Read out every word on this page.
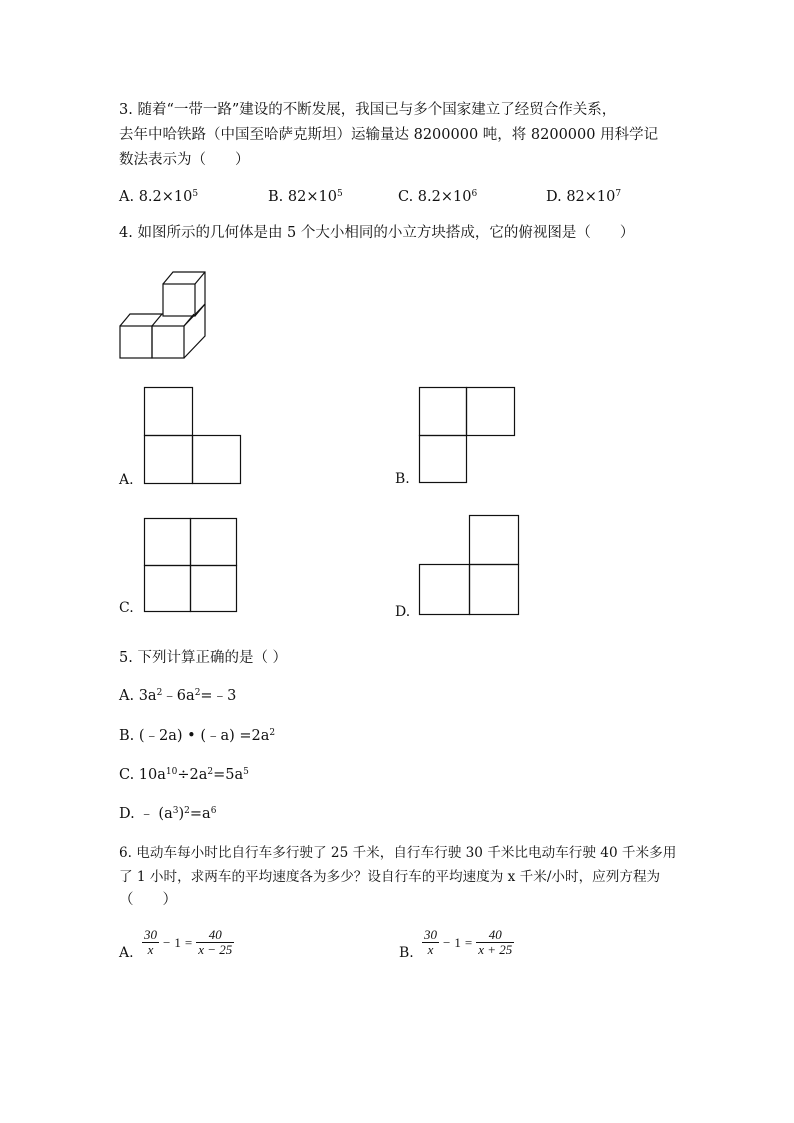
3. 随着“一带一路”建设的不断发展，我国已与多个国家建立了经贸合作关系，
去年中哈铁路（中国至哈萨克斯坦）运输量达 8200000 吨，将 8200000 用科学记
数法表示为（　　）
A. $8.2\times 10^5$	B. $82\times 10^5$	C. $8.2\times 10^6$	D. $82\times 10^7$
4. 如图所示的几何体是由 5 个大小相同的小立方块搭成，它的俯视图是（　　）
A.	B.
C.	D.
5. 下列计算正确的是（ ）
A. $3a^2﹣6a^2=﹣3$
B. (﹣2a) • (﹣a) $=2a^2$
C. $10a^{10}\div 2a^2=5a^5$
D. ﹣ $(a^3)^2=a^6$
6. 电动车每小时比自行车多行驶了 25 千米，自行车行驶 30 千米比电动车行驶 40 千米多用
了 1 小时，求两车的平均速度各为多少？设自行车的平均速度为 x 千米/小时，应列方程为
（　　）
A. $\frac{30}{x} - 1 = \frac{40}{x - 25}$	B. $\frac{30}{x} - 1 = \frac{40}{x + 25}$
